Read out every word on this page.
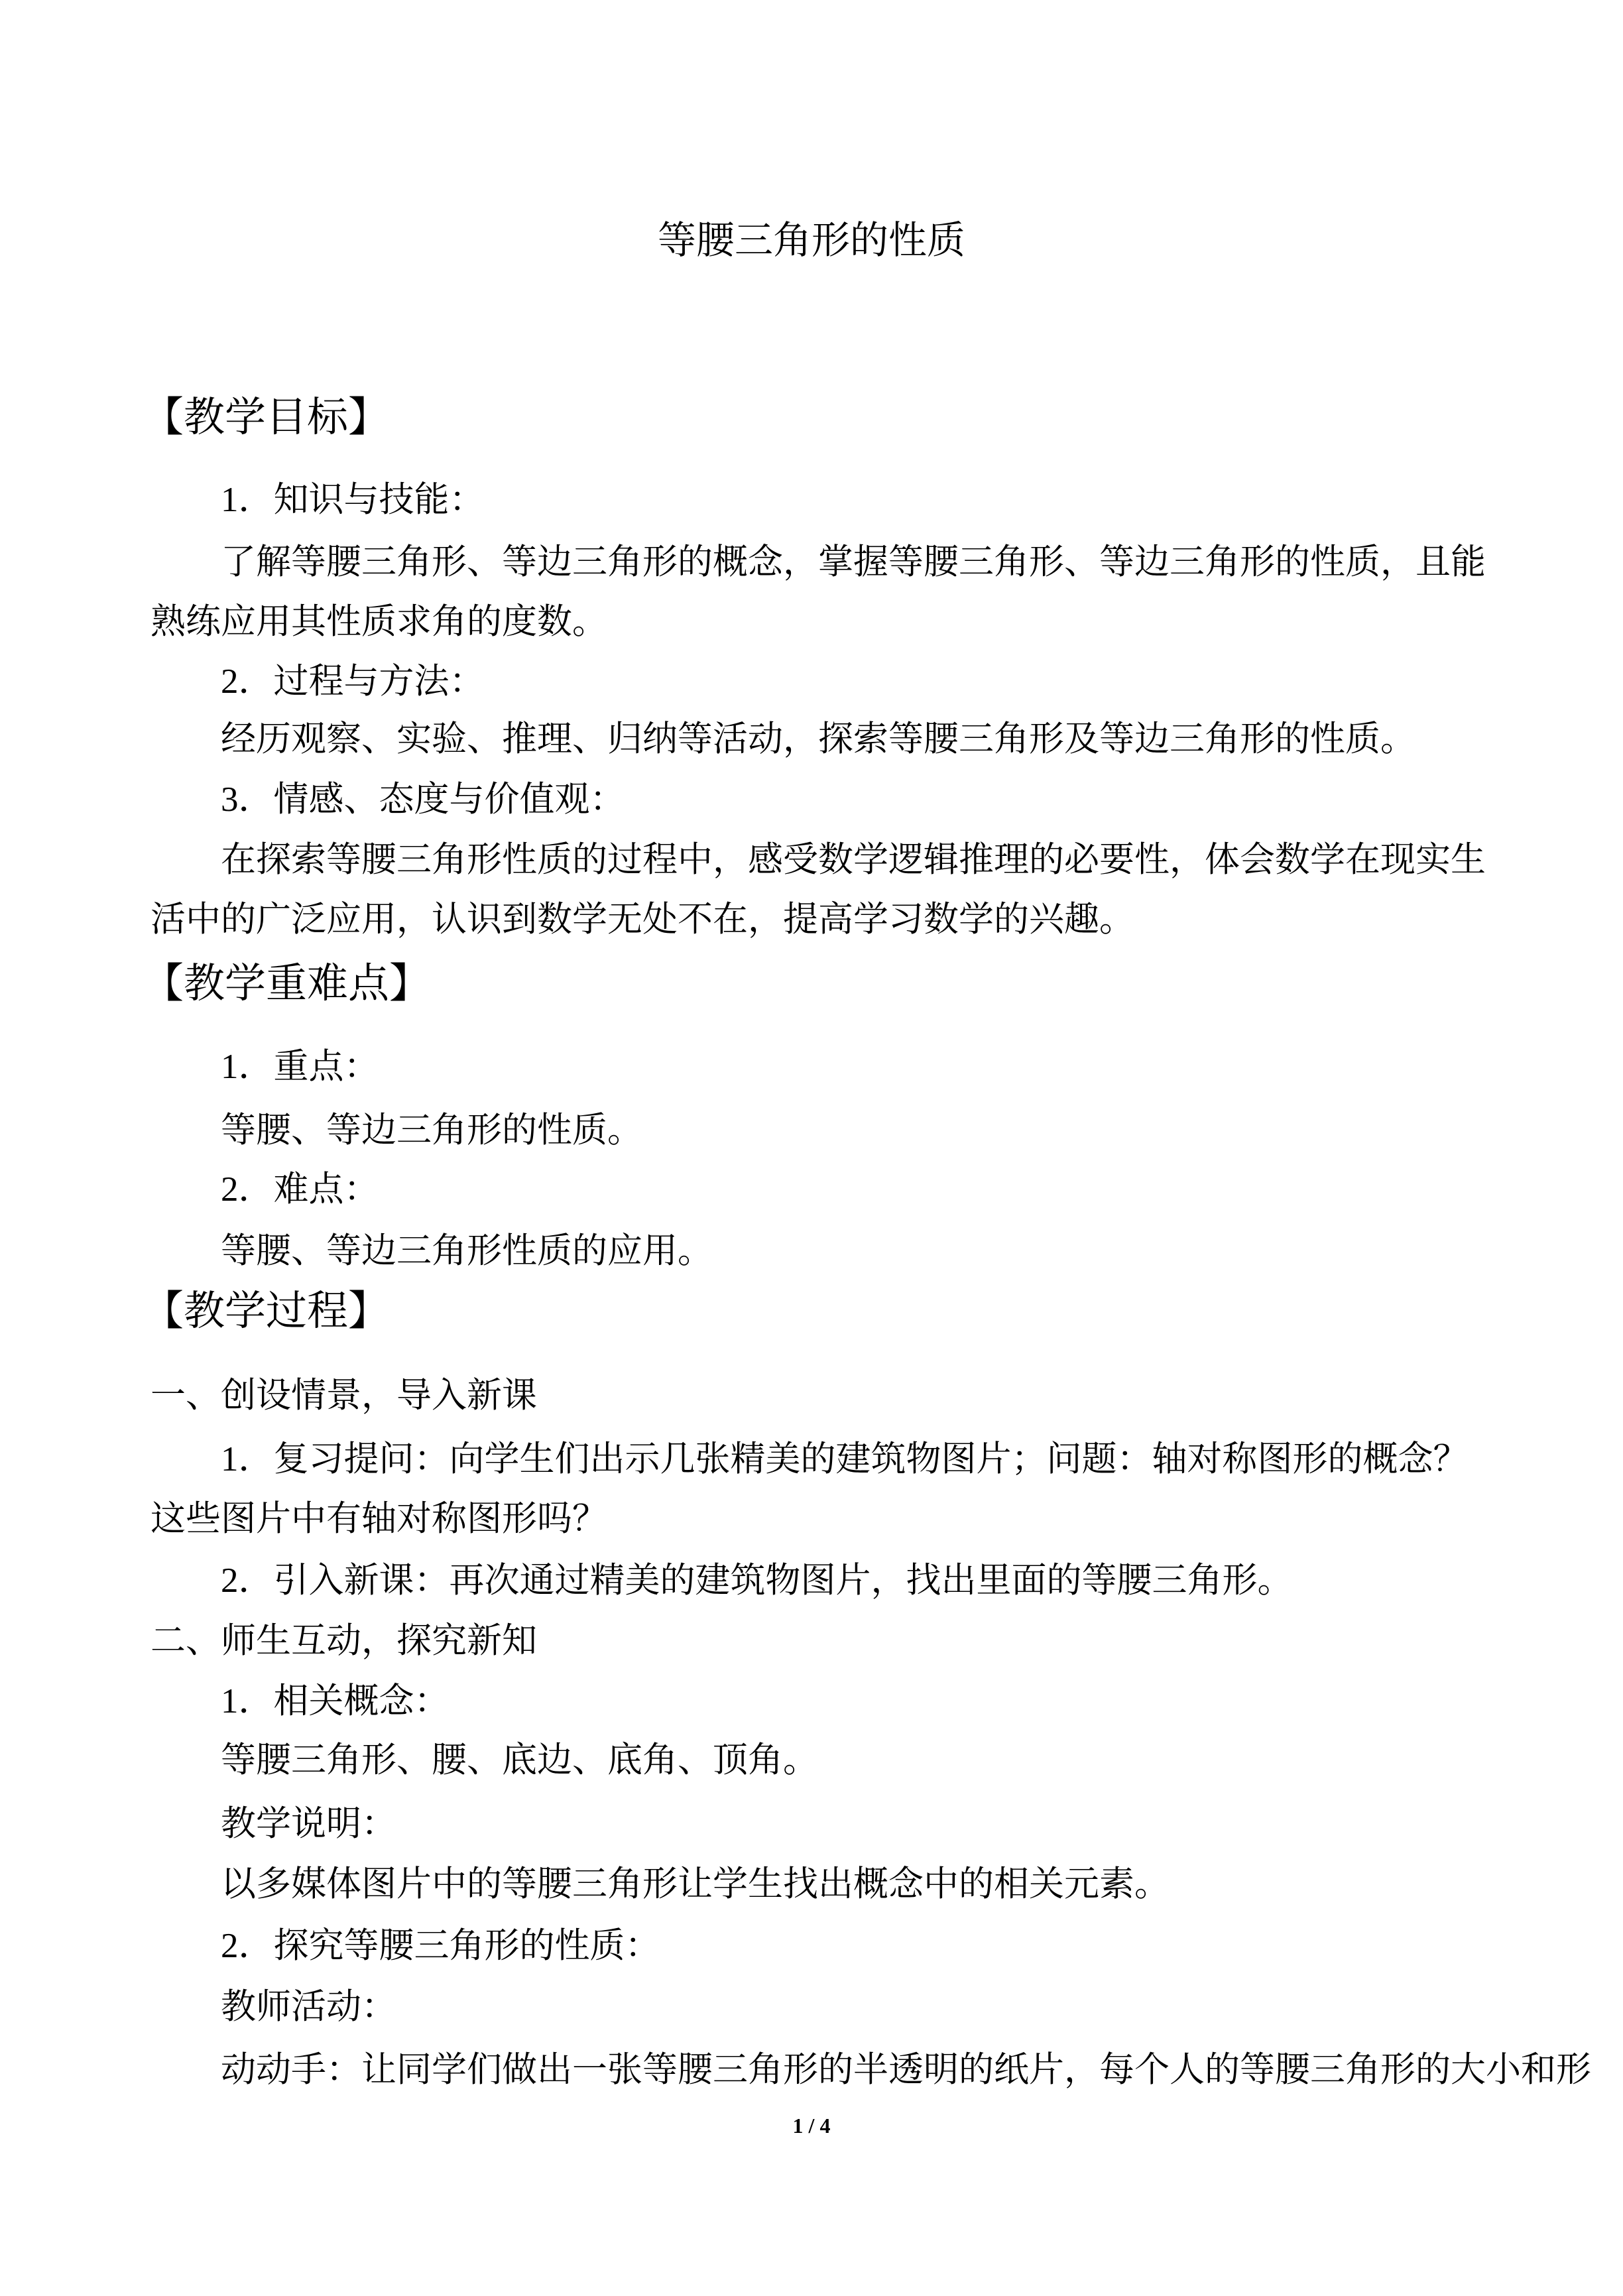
等腰三角形的性质
【教学目标】

1．知识与技能：

了解等腰三角形、等边三角形的概念，掌握等腰三角形、等边三角形的性质，且能熟练应用其性质求角的度数。

2．过程与方法：

经历观察、实验、推理、归纳等活动，探索等腰三角形及等边三角形的性质。

3．情感、态度与价值观：

在探索等腰三角形性质的过程中，感受数学逻辑推理的必要性，体会数学在现实生活中的广泛应用，认识到数学无处不在，提高学习数学的兴趣。

【教学重难点】

1．重点：

等腰、等边三角形的性质。

2．难点：

等腰、等边三角形性质的应用。

【教学过程】

一、创设情景，导入新课

1．复习提问：向学生们出示几张精美的建筑物图片；问题：轴对称图形的概念？这些图片中有轴对称图形吗？

2．引入新课：再次通过精美的建筑物图片，找出里面的等腰三角形。

二、师生互动，探究新知

1．相关概念：

等腰三角形、腰、底边、底角、顶角。

教学说明：

以多媒体图片中的等腰三角形让学生找出概念中的相关元素。

2．探究等腰三角形的性质：

教师活动：

动动手：让同学们做出一张等腰三角形的半透明的纸片，每个人的等腰三角形的大小和形

1 / 4
